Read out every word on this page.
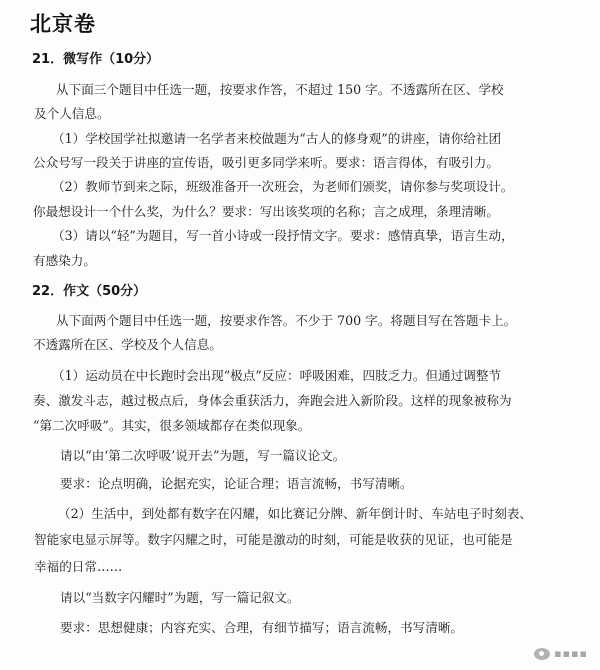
北京卷
21．微写作（10分）
从下面三个题目中任选一题，按要求作答，不超过 150 字。不透露所在区、学校
及个人信息。
（1）学校国学社拟邀请一名学者来校做题为“古人的修身观”的讲座，请你给社团
公众号写一段关于讲座的宣传语，吸引更多同学来听。要求：语言得体，有吸引力。
（2）教师节到来之际，班级准备开一次班会，为老师们颁奖，请你参与奖项设计。
你最想设计一个什么奖，为什么？要求：写出该奖项的名称；言之成理，条理清晰。
（3）请以“轻”为题目，写一首小诗或一段抒情文字。要求：感情真挚，语言生动，
有感染力。
22．作文（50分）
从下面两个题目中任选一题，按要求作答。不少于 700 字。将题目写在答题卡上。
不透露所在区、学校及个人信息。
（1）运动员在中长跑时会出现“极点”反应：呼吸困难，四肢乏力。但通过调整节
奏、激发斗志，越过极点后，身体会重获活力，奔跑会进入新阶段。这样的现象被称为
“第二次呼吸”。其实，很多领域都存在类似现象。
请以“由‘第二次呼吸’说开去”为题，写一篇议论文。
要求：论点明确，论据充实，论证合理；语言流畅，书写清晰。
（2）生活中，到处都有数字在闪耀，如比赛记分牌、新年倒计时、车站电子时刻表、
智能家电显示屏等。数字闪耀之时，可能是激动的时刻，可能是收获的见证，也可能是
幸福的日常……
请以“当数字闪耀时”为题，写一篇记叙文。
要求：思想健康；内容充实、合理，有细节描写；语言流畅，书写清晰。
▪▪▪▪
